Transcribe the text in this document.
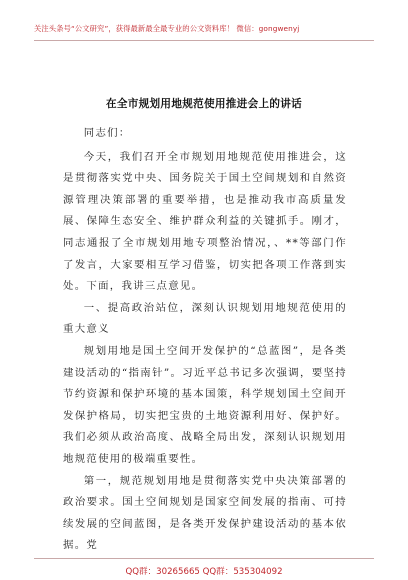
关注头条号“公文研究”，获得最新最全最专业的公文资料库！ 微信：gongwenyj
在全市规划用地规范使用推进会上的讲话

同志们：

今天，我们召开全市规划用地规范使用推进会，这是贯彻落实党中央、国务院关于国土空间规划和自然资源管理决策部署的重要举措，也是推动我市高质量发展、保障生态安全、维护群众利益的关键抓手。刚才，同志通报了全市规划用地专项整治情况，、**等部门作了发言，大家要相互学习借鉴，切实把各项工作落到实处。下面，我讲三点意见。

一、提高政治站位，深刻认识规划用地规范使用的重大意义

规划用地是国土空间开发保护的“总蓝图”，是各类建设活动的“指南针”。习近平总书记多次强调，要坚持节约资源和保护环境的基本国策，科学规划国土空间开发保护格局，切实把宝贵的土地资源利用好、保护好。我们必须从政治高度、战略全局出发，深刻认识规划用地规范使用的极端重要性。

第一，规范规划用地是贯彻落实党中央决策部署的政治要求。国土空间规划是国家空间发展的指南、可持续发展的空间蓝图，是各类开发保护建设活动的基本依据。党

QQ群：30265665 QQ群：535304092
